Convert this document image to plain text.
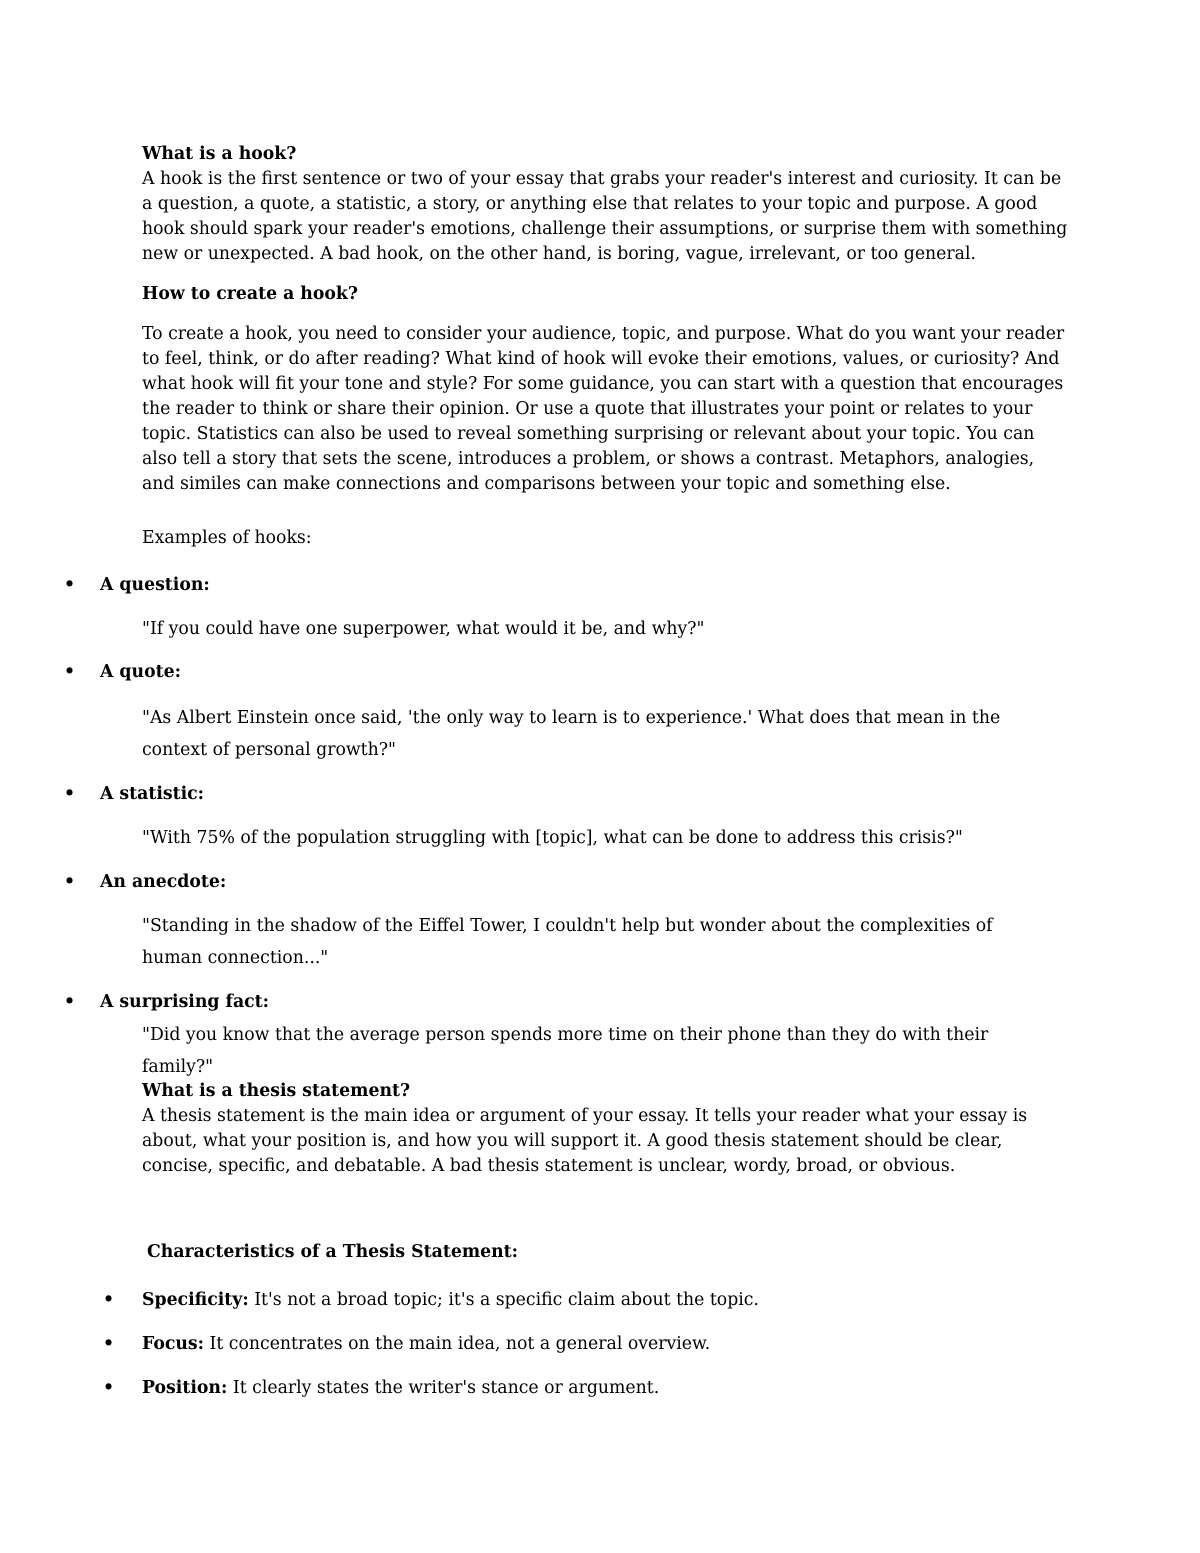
What is a hook?

A hook is the first sentence or two of your essay that grabs your reader's interest and curiosity. It can be a question, a quote, a statistic, a story, or anything else that relates to your topic and purpose. A good hook should spark your reader's emotions, challenge their assumptions, or surprise them with something new or unexpected. A bad hook, on the other hand, is boring, vague, irrelevant, or too general.

How to create a hook?

To create a hook, you need to consider your audience, topic, and purpose. What do you want your reader to feel, think, or do after reading? What kind of hook will evoke their emotions, values, or curiosity? And what hook will fit your tone and style? For some guidance, you can start with a question that encourages the reader to think or share their opinion. Or use a quote that illustrates your point or relates to your topic. Statistics can also be used to reveal something surprising or relevant about your topic. You can also tell a story that sets the scene, introduces a problem, or shows a contrast. Metaphors, analogies, and similes can make connections and comparisons between your topic and something else.

Examples of hooks:
• A question:

"If you could have one superpower, what would it be, and why?"

• A quote:

"As Albert Einstein once said, 'the only way to learn is to experience.' What does that mean in the context of personal growth?"

• A statistic:

"With 75% of the population struggling with [topic], what can be done to address this crisis?"

• An anecdote:

"Standing in the shadow of the Eiffel Tower, I couldn't help but wonder about the complexities of human connection..."

• A surprising fact:

"Did you know that the average person spends more time on their phone than they do with their family?"

What is a thesis statement?

A thesis statement is the main idea or argument of your essay. It tells your reader what your essay is about, what your position is, and how you will support it. A good thesis statement should be clear, concise, specific, and debatable. A bad thesis statement is unclear, wordy, broad, or obvious.

Characteristics of a Thesis Statement:
• Specificity: It's not a broad topic; it's a specific claim about the topic.
• Focus: It concentrates on the main idea, not a general overview.
• Position: It clearly states the writer's stance or argument.
